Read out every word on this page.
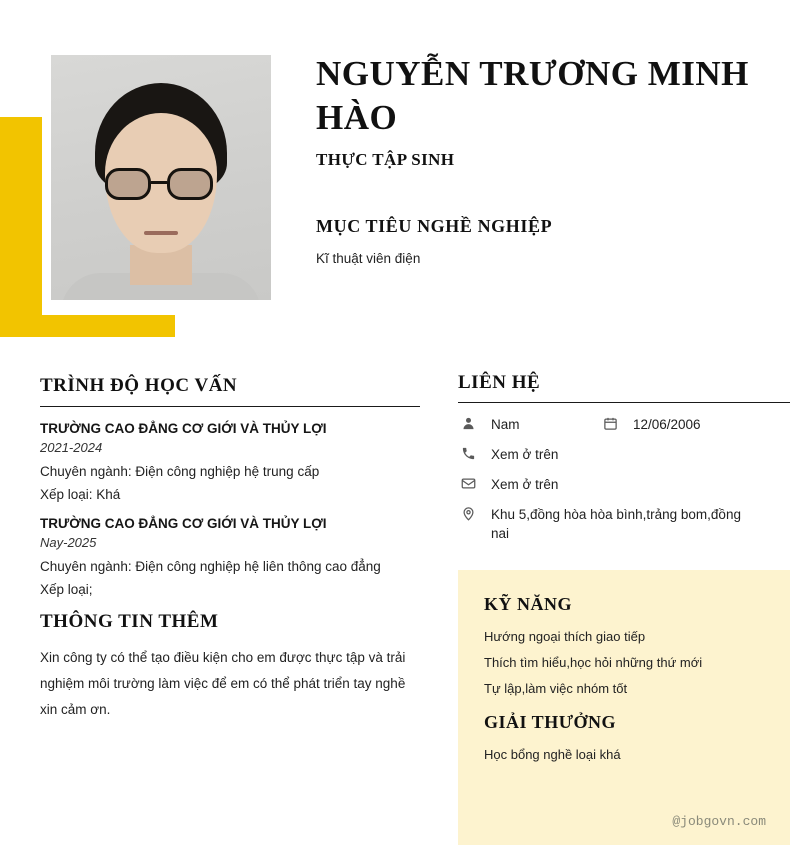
NGUYỄN TRƯƠNG MINH HÀO
THỰC TẬP SINH
MỤC TIÊU NGHỀ NGHIỆP
Kĩ thuật viên điện
TRÌNH ĐỘ HỌC VẤN
TRƯỜNG CAO ĐẲNG CƠ GIỚI VÀ THỦY LỢI
2021-2024
Chuyên ngành: Điện công nghiệp hệ trung cấp
Xếp loại: Khá
TRƯỜNG CAO ĐẲNG CƠ GIỚI VÀ THỦY LỢI
Nay-2025
Chuyên ngành: Điện công nghiệp hệ liên thông cao đẳng
Xếp loại;
THÔNG TIN THÊM
Xin công ty có thể tạo điều kiện cho em được thực tập và trải nghiệm môi trường làm việc để em có thể phát triển tay nghề xin cảm ơn.
LIÊN HỆ
Nam	12/06/2006
Xem ở trên
Xem ở trên
Khu 5,đồng hòa hòa bình,trảng bom,đồng nai
KỸ NĂNG
Hướng ngoại thích giao tiếp
Thích tìm hiểu,học hỏi những thứ mới
Tự lập,làm việc nhóm tốt
GIẢI THƯỞNG
Học bổng nghề loại khá
@jobgovn.com
